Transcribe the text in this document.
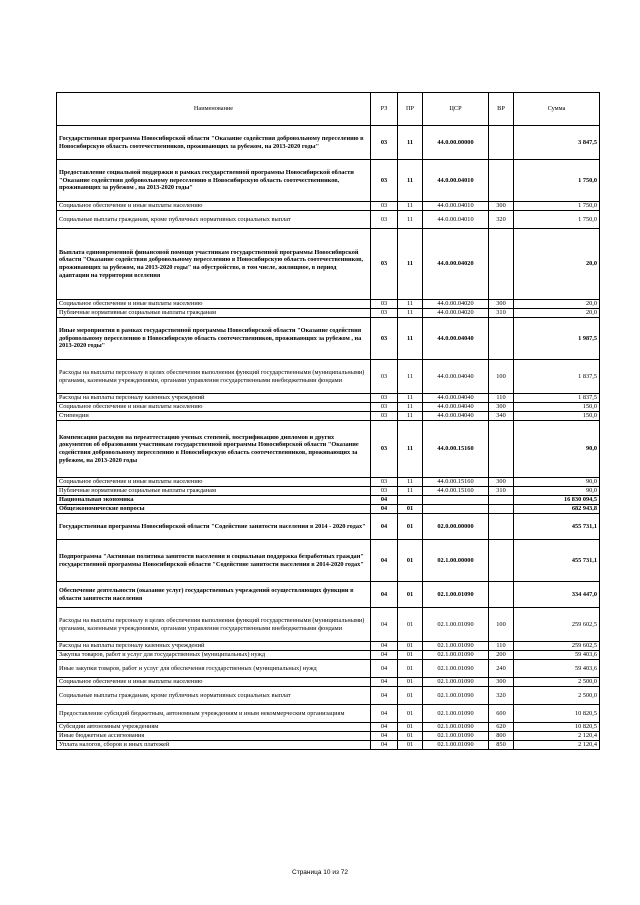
Наименование	РЗ	ПР	ЦСР	ВР	Сумма
Государственная программа Новосибирской области "Оказание содействия добровольному переселению в Новосибирскую область соотечественников, проживающих за рубежом, на 2013-2020 годы"	03	11	44.0.00.00000		3 847,5
Предоставление социальной поддержки в рамках государственной программы Новосибирской области "Оказание содействия добровольному переселению в Новосибирскую область соотечественников, проживающих за рубежом , на 2013-2020 годы"	03	11	44.0.00.04010		1 750,0
Социальное обеспечение и иные выплаты населению	03	11	44.0.00.04010	300	1 750,0
Социальные выплаты гражданам, кроме публичных нормативных социальных выплат	03	11	44.0.00.04010	320	1 750,0
Выплата единовременной финансовой помощи участникам государственной программы Новосибирской области "Оказание содействия добровольному переселению в Новосибирскую область соотечественников, проживающих за рубежом, на 2013-2020 годы" на обустройство, в том числе, жилищное, в период адаптации на территории вселения	03	11	44.0.00.04020		20,0
Социальное обеспечение и иные выплаты населению	03	11	44.0.00.04020	300	20,0
Публичные нормативные социальные выплаты гражданам	03	11	44.0.00.04020	310	20,0
Иные мероприятия в рамках государственной программы Новосибирской области "Оказание содействия добровольному переселению в Новосибирскую область соотечественников, проживающих за рубежом , на 2013-2020 годы"	03	11	44.0.00.04040		1 987,5
Расходы на выплаты персоналу в целях обеспечения выполнения функций государственными (муниципальными) органами, казенными учреждениями, органами управления государственными внебюджетными фондами	03	11	44.0.00.04040	100	1 837,5
Расходы на выплаты персоналу казенных учреждений	03	11	44.0.00.04040	110	1 837,5
Социальное обеспечение и иные выплаты населению	03	11	44.0.00.04040	300	150,0
Стипендии	03	11	44.0.00.04040	340	150,0
Компенсация расходов на переаттестацию ученых степеней, нострификацию дипломов и других документов об образовании участникам государственной программы Новосибирской области "Оказание содействия добровольному переселению в Новосибирскую область соотечественников, проживающих за рубежом, на 2013-2020 годы	03	11	44.0.00.15160		90,0
Социальное обеспечение и иные выплаты населению	03	11	44.0.00.15160	300	90,0
Публичные нормативные социальные выплаты гражданам	03	11	44.0.00.15160	310	90,0
Национальная экономика	04				16 830 094,5
Общеэкономические вопросы	04	01			682 943,8
Государственная программа Новосибирской области "Содействие занятости населения в 2014 - 2020 годах"	04	01	02.0.00.00000		455 731,1
Подпрограмма "Активная политика занятости населения и социальная поддержка безработных граждан" государственной программы Новосибирской области "Содействие занятости населения в 2014-2020 годах"	04	01	02.1.00.00000		455 731,1
Обеспечение деятельности (оказание услуг) государственных учреждений осуществляющих функции в области занятости населения	04	01	02.1.00.01090		334 447,0
Расходы на выплаты персоналу в целях обеспечения выполнения функций государственными (муниципальными) органами, казенными учреждениями, органами управления государственными внебюджетными фондами	04	01	02.1.00.01090	100	259 602,5
Расходы на выплаты персоналу казенных учреждений	04	01	02.1.00.01090	110	259 602,5
Закупка товаров, работ и услуг для государственных (муниципальных) нужд	04	01	02.1.00.01090	200	59 403,6
Иные закупки товаров, работ и услуг для обеспечения государственных (муниципальных) нужд	04	01	02.1.00.01090	240	59 403,6
Социальное обеспечение и иные выплаты населению	04	01	02.1.00.01090	300	2 500,0
Социальные выплаты гражданам, кроме публичных нормативных социальных выплат	04	01	02.1.00.01090	320	2 500,0
Предоставление субсидий бюджетным, автономным учреждениям и иным некоммерческим организациям	04	01	02.1.00.01090	600	10 820,5
Субсидии автономным учреждениям	04	01	02.1.00.01090	620	10 820,5
Иные бюджетные ассигнования	04	01	02.1.00.01090	800	2 120,4
Уплата налогов, сборов и иных платежей	04	01	02.1.00.01090	850	2 120,4
Страница 10 из 72
